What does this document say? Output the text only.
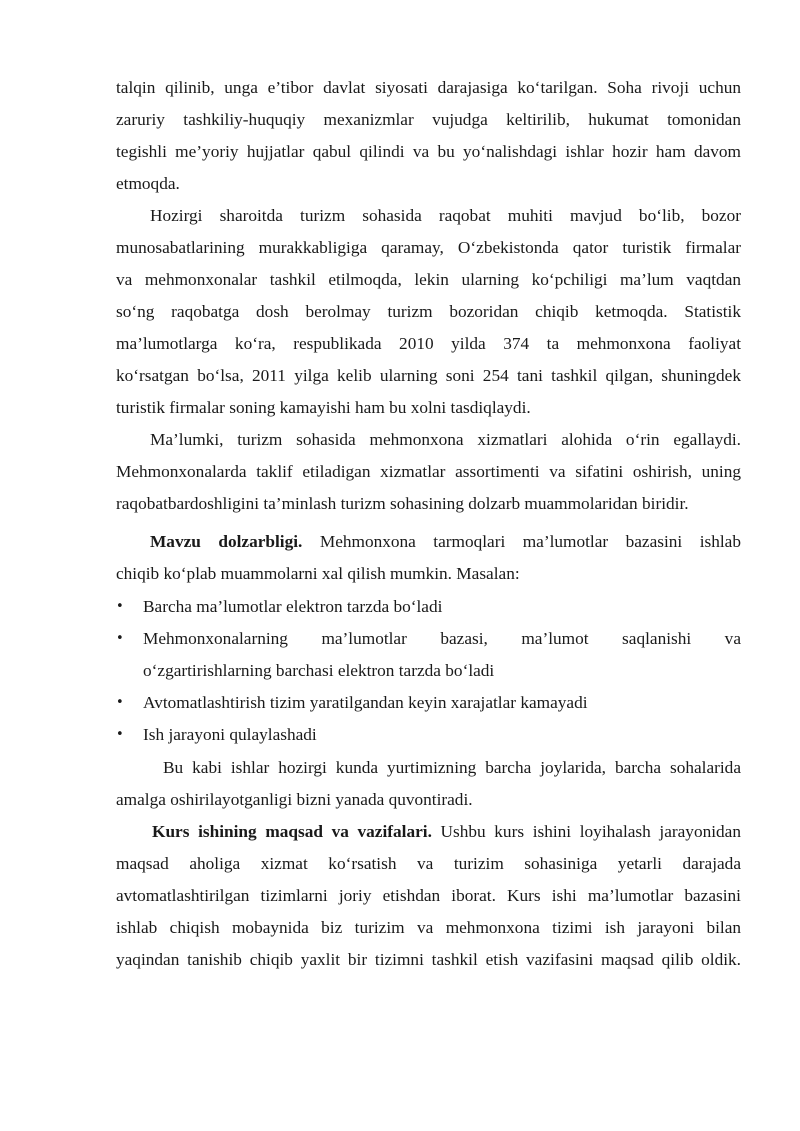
talqin qilinib, unga e’tibor davlat siyosati darajasiga ko‘tarilgan. Soha rivoji uchun
zaruriy tashkiliy-huquqiy mexanizmlar vujudga keltirilib, hukumat tomonidan
tegishli me’yoriy hujjatlar qabul qilindi va bu yo‘nalishdagi ishlar hozir ham davom
etmoqda.
Hozirgi sharoitda turizm sohasida raqobat muhiti mavjud bo‘lib, bozor
munosabatlarining murakkabligiga qaramay, O‘zbekistonda qator turistik firmalar
va mehmonxonalar tashkil etilmoqda, lekin ularning ko‘pchiligi ma’lum vaqtdan
so‘ng raqobatga dosh berolmay turizm bozoridan chiqib ketmoqda. Statistik
ma’lumotlarga ko‘ra, respublikada 2010 yilda 374 ta mehmonxona faoliyat
ko‘rsatgan bo‘lsa, 2011 yilga kelib ularning soni 254 tani tashkil qilgan, shuningdek
turistik firmalar soning kamayishi ham bu xolni tasdiqlaydi.
Ma’lumki, turizm sohasida mehmonxona xizmatlari alohida o‘rin egallaydi.
Mehmonxonalarda taklif etiladigan xizmatlar assortimenti va sifatini oshirish, uning
raqobatbardoshligini ta’minlash turizm sohasining dolzarb muammolaridan biridir.
Mavzu dolzarbligi. Mehmonxona tarmoqlari ma’lumotlar bazasini ishlab
chiqib ko‘plab muammolarni xal qilish mumkin. Masalan:
•	Barcha ma’lumotlar elektron tarzda bo‘ladi
•	Mehmonxonalarning ma’lumotlar bazasi, ma’lumot saqlanishi va
o‘zgartirishlarning barchasi elektron tarzda bo‘ladi
•	Avtomatlashtirish tizim yaratilgandan keyin xarajatlar kamayadi
•	Ish jarayoni qulaylashadi
Bu kabi ishlar hozirgi kunda yurtimizning barcha joylarida, barcha sohalarida
amalga oshirilayotganligi bizni yanada quvontiradi.
Kurs ishining maqsad va vazifalari. Ushbu kurs ishini loyihalash jarayonidan
maqsad aholiga xizmat ko‘rsatish va turizim sohasiniga yetarli darajada
avtomatlashtirilgan tizimlarni joriy etishdan iborat. Kurs ishi ma’lumotlar bazasini
ishlab chiqish mobaynida biz turizim va mehmonxona tizimi ish jarayoni bilan
yaqindan tanishib chiqib yaxlit bir tizimni tashkil etish vazifasini maqsad qilib oldik.
